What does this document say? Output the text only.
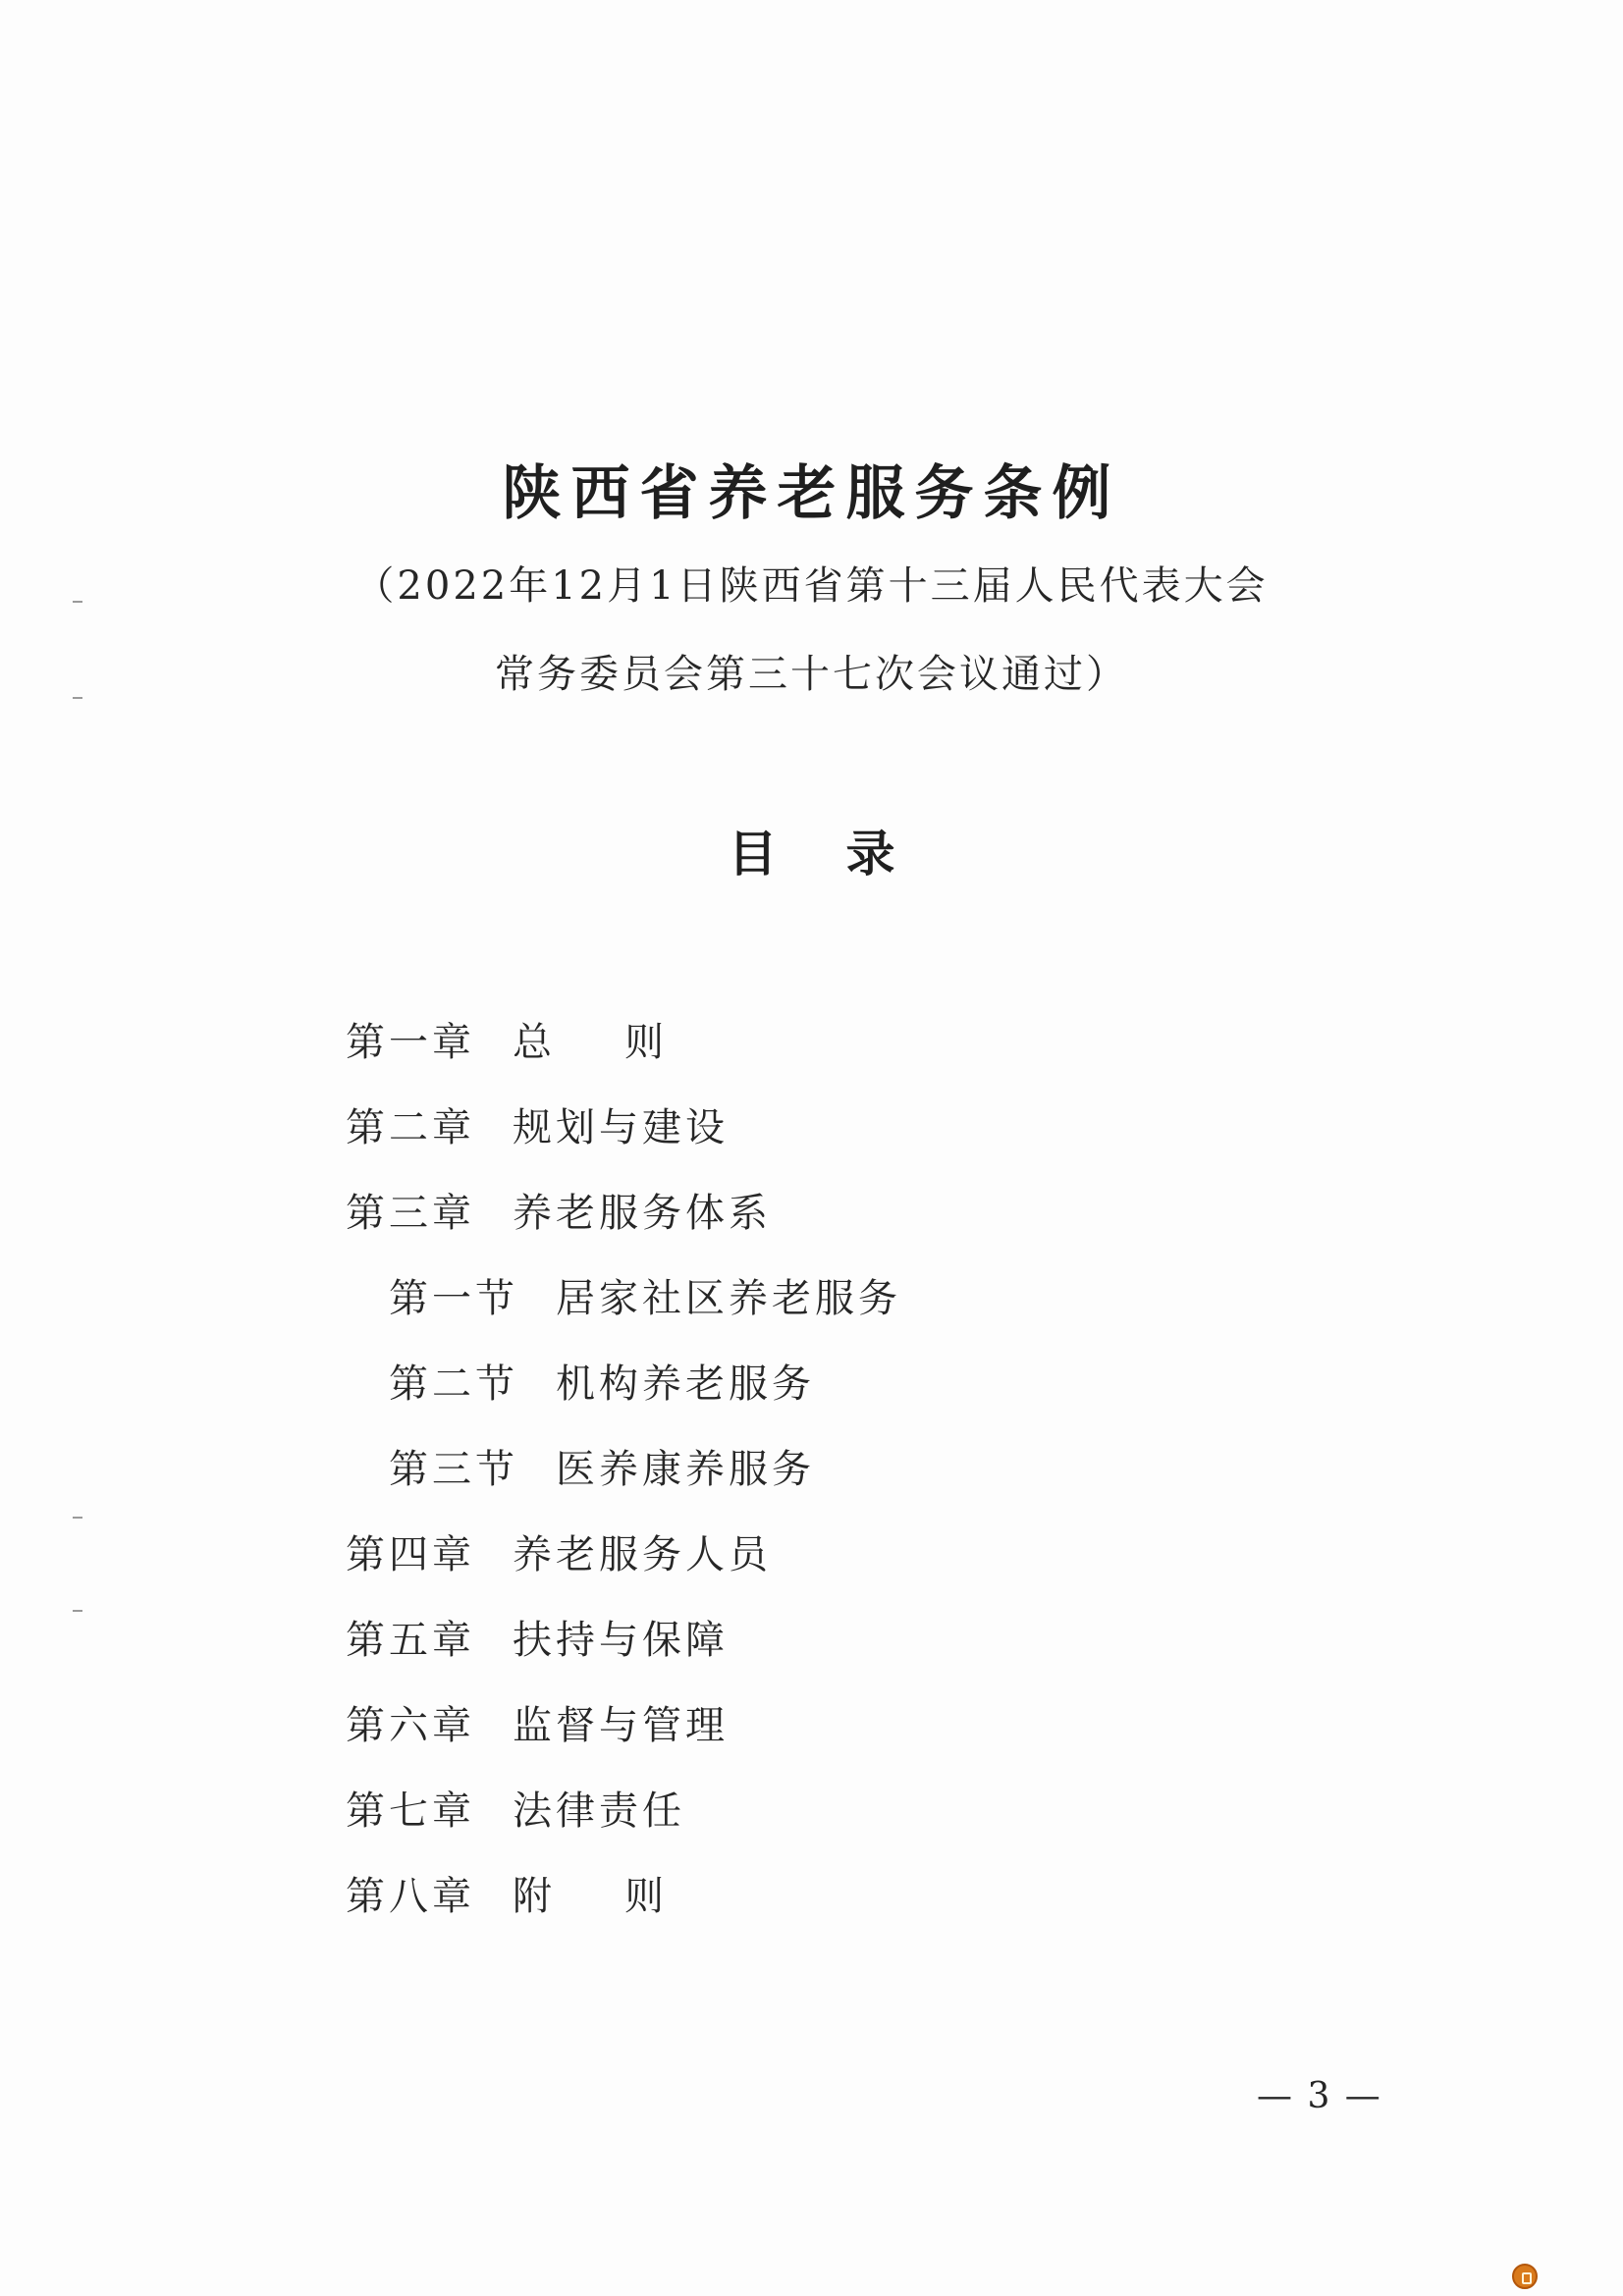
陕西省养老服务条例
（2022年12月1日陕西省第十三届人民代表大会
常务委员会第三十七次会议通过）
目录
第一章 总则
第二章 规划与建设
第三章 养老服务体系
第一节 居家社区养老服务
第二节 机构养老服务
第三节 医养康养服务
第四章 养老服务人员
第五章 扶持与保障
第六章 监督与管理
第七章 法律责任
第八章 附则
— 3 —
